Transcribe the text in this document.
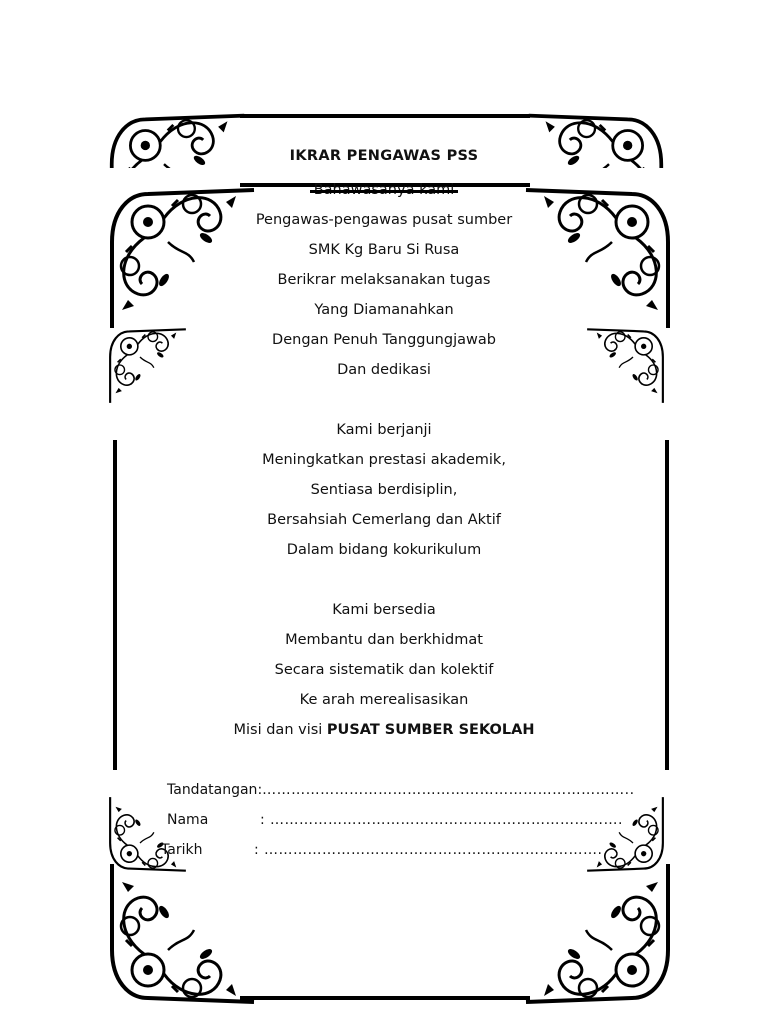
IKRAR PENGAWAS PSS
Bahawasanya kami
Pengawas-pengawas pusat sumber
SMK Kg Baru Si Rusa
Berikrar melaksanakan tugas
Yang Diamanahkan
Dengan Penuh Tanggungjawab
Dan dedikasi
Kami berjanji
Meningkatkan prestasi akademik,
Sentiasa berdisiplin,
Bersahsiah Cemerlang dan Aktif
Dalam bidang kokurikulum
Kami bersedia
Membantu dan berkhidmat
Secara sistematik dan kolektif
Ke arah merealisasikan
Misi dan visi PUSAT SUMBER SEKOLAH
Tandatangan:…………………………………………………………………..
Nama	: ……………………………………………………………….
Tarikh	: …………………………………………………………….
